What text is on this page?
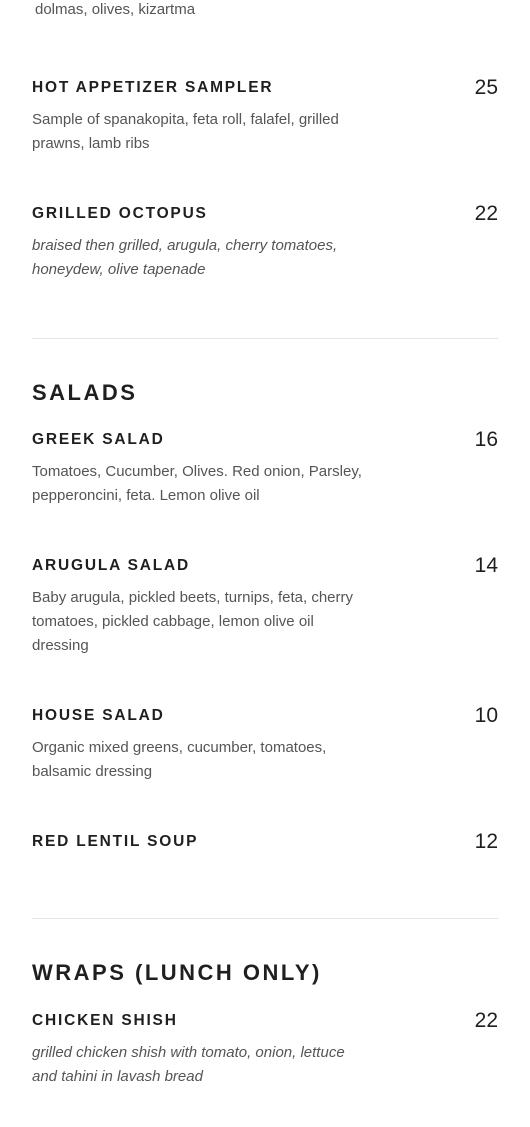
dolmas, olives, kizartma
HOT APPETIZER SAMPLER	25
Sample of spanakopita, feta roll, falafel, grilled prawns, lamb ribs
GRILLED OCTOPUS	22
braised then grilled, arugula, cherry tomatoes, honeydew, olive tapenade
SALADS
GREEK SALAD	16
Tomatoes, Cucumber, Olives. Red onion, Parsley, pepperoncini, feta. Lemon olive oil
ARUGULA SALAD	14
Baby arugula, pickled beets, turnips, feta, cherry tomatoes, pickled cabbage, lemon olive oil dressing
HOUSE SALAD	10
Organic mixed greens, cucumber, tomatoes, balsamic dressing
RED LENTIL SOUP	12
WRAPS (LUNCH ONLY)
CHICKEN SHISH	22
grilled chicken shish with tomato, onion, lettuce and tahini in lavash bread
